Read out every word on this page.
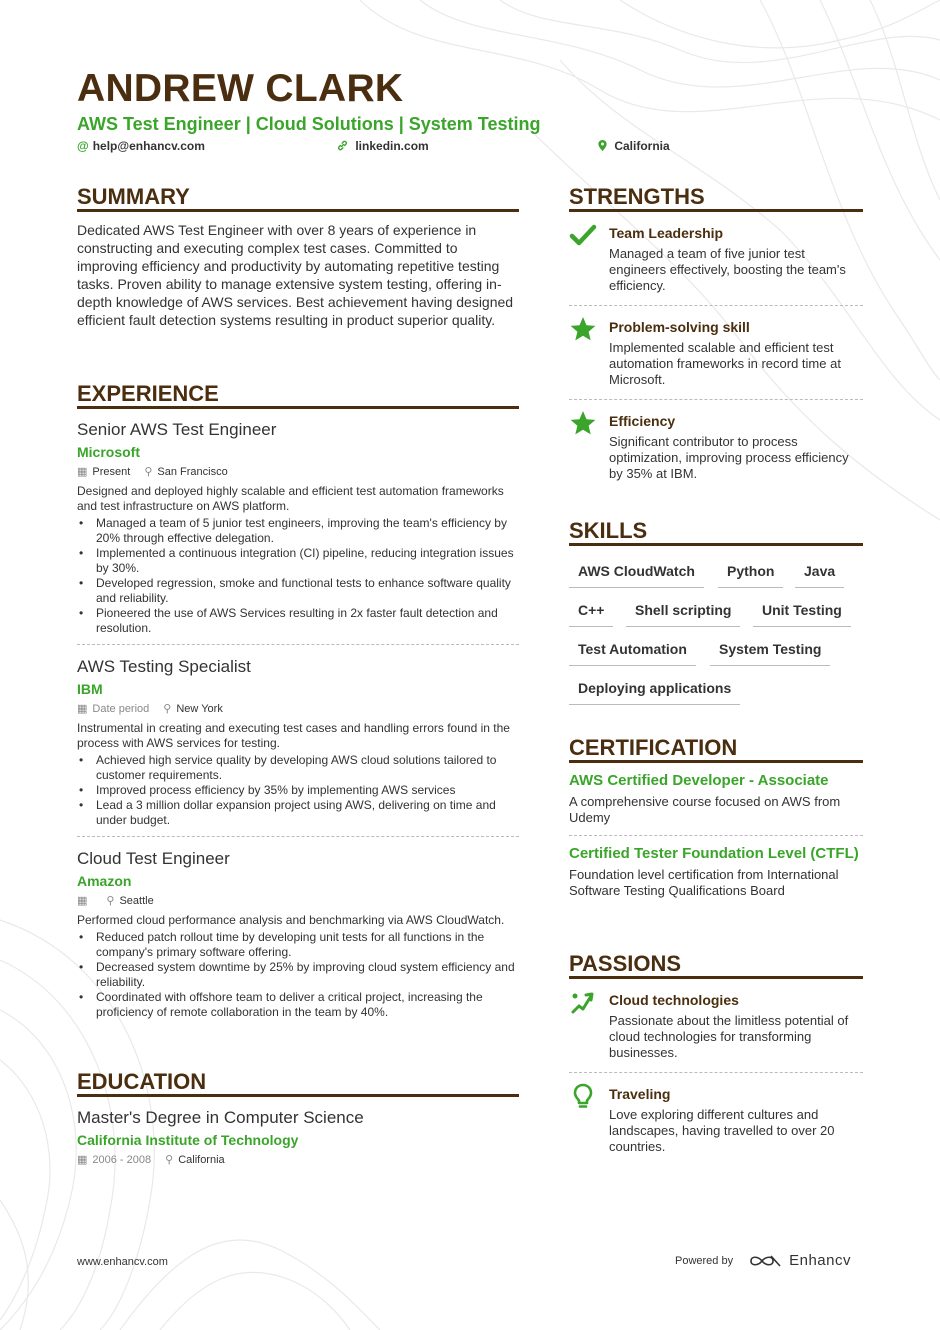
ANDREW CLARK
AWS Test Engineer | Cloud Solutions | System Testing
@ help@enhancv.com	linkedin.com	California
SUMMARY
Dedicated AWS Test Engineer with over 8 years of experience in constructing and executing complex test cases. Committed to improving efficiency and productivity by automating repetitive testing tasks. Proven ability to manage extensive system testing, offering in-depth knowledge of AWS services. Best achievement having designed efficient fault detection systems resulting in product superior quality.
EXPERIENCE
Senior AWS Test Engineer
Microsoft
▦ Present ⚲ San Francisco
Designed and deployed highly scalable and efficient test automation frameworks and test infrastructure on AWS platform.
• Managed a team of 5 junior test engineers, improving the team's efficiency by 20% through effective delegation.
• Implemented a continuous integration (CI) pipeline, reducing integration issues by 30%.
• Developed regression, smoke and functional tests to enhance software quality and reliability.
• Pioneered the use of AWS Services resulting in 2x faster fault detection and resolution.
AWS Testing Specialist
IBM
▦ Date period ⚲ New York
Instrumental in creating and executing test cases and handling errors found in the process with AWS services for testing.
• Achieved high service quality by developing AWS cloud solutions tailored to customer requirements.
• Improved process efficiency by 35% by implementing AWS services
• Lead a 3 million dollar expansion project using AWS, delivering on time and under budget.
Cloud Test Engineer
Amazon
▦	⚲ Seattle
Performed cloud performance analysis and benchmarking via AWS CloudWatch.
• Reduced patch rollout time by developing unit tests for all functions in the company's primary software offering.
• Decreased system downtime by 25% by improving cloud system efficiency and reliability.
• Coordinated with offshore team to deliver a critical project, increasing the proficiency of remote collaboration in the team by 40%.
EDUCATION
Master's Degree in Computer Science
California Institute of Technology
▦ 2006 - 2008 ⚲ California
STRENGTHS
Team Leadership
Managed a team of five junior test engineers effectively, boosting the team's efficiency.
Problem-solving skill
Implemented scalable and efficient test automation frameworks in record time at Microsoft.
Efficiency
Significant contributor to process optimization, improving process efficiency by 35% at IBM.
SKILLS
AWS CloudWatch	Python	Java
C++	Shell scripting	Unit Testing
Test Automation	System Testing
Deploying applications
CERTIFICATION
AWS Certified Developer - Associate
A comprehensive course focused on AWS from Udemy
Certified Tester Foundation Level (CTFL)
Foundation level certification from International Software Testing Qualifications Board
PASSIONS
Cloud technologies
Passionate about the limitless potential of cloud technologies for transforming businesses.
Traveling
Love exploring different cultures and landscapes, having travelled to over 20 countries.
www.enhancv.com	Powered by	Enhancv
